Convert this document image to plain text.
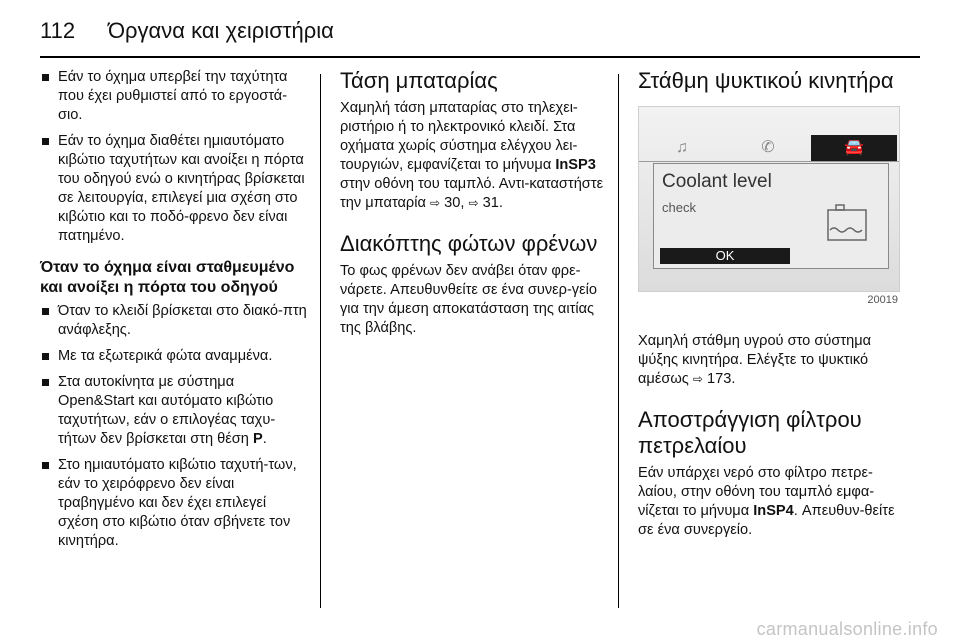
112 Όργανα και χειριστήρια
Εάν το όχημα υπερβεί την ταχύτητα που έχει ρυθμιστεί από το εργοστά-σιο.
Εάν το όχημα διαθέτει ημιαυτόματο κιβώτιο ταχυτήτων και ανοίξει η πόρτα του οδηγού ενώ ο κινητήρας βρίσκεται σε λειτουργία, επιλεγεί μια σχέση στο κιβώτιο και το ποδό-φρενο δεν είναι πατημένο.
Όταν το όχημα είναι σταθμευμένο και ανοίξει η πόρτα του οδηγού
Όταν το κλειδί βρίσκεται στο διακό-πτη ανάφλεξης.
Με τα εξωτερικά φώτα αναμμένα.
Στα αυτοκίνητα με σύστημα Open&Start και αυτόματο κιβώτιο ταχυτήτων, εάν ο επιλογέας ταχυ-τήτων δεν βρίσκεται στη θέση P.
Στο ημιαυτόματο κιβώτιο ταχυτή-των, εάν το χειρόφρενο δεν είναι τραβηγμένο και δεν έχει επιλεγεί σχέση στο κιβώτιο όταν σβήνετε τον κινητήρα.
Τάση μπαταρίας

Χαμηλή τάση μπαταρίας στο τηλεχει-ριστήριο ή το ηλεκτρονικό κλειδί. Στα οχήματα χωρίς σύστημα ελέγχου λει-τουργιών, εμφανίζεται το μήνυμα InSP3 στην οθόνη του ταμπλό. Αντι-καταστήστε την μπαταρία ⇨ 30, ⇨ 31.

Διακόπτης φώτων φρένων

Το φως φρένων δεν ανάβει όταν φρε-νάρετε. Απευθυνθείτε σε ένα συνερ-γείο για την άμεση αποκατάσταση της αιτίας της βλάβης.

Στάθμη ψυκτικού κινητήρα
♫	✆	🚘
Coolant level
check
OK
20019

Χαμηλή στάθμη υγρού στο σύστημα ψύξης κινητήρα. Ελέγξτε το ψυκτικό αμέσως ⇨ 173.

Αποστράγγιση φίλτρου πετρελαίου

Εάν υπάρχει νερό στο φίλτρο πετρε-λαίου, στην οθόνη του ταμπλό εμφα-νίζεται το μήνυμα InSP4. Απευθυν-θείτε σε ένα συνεργείο.

carmanualsonline.info
